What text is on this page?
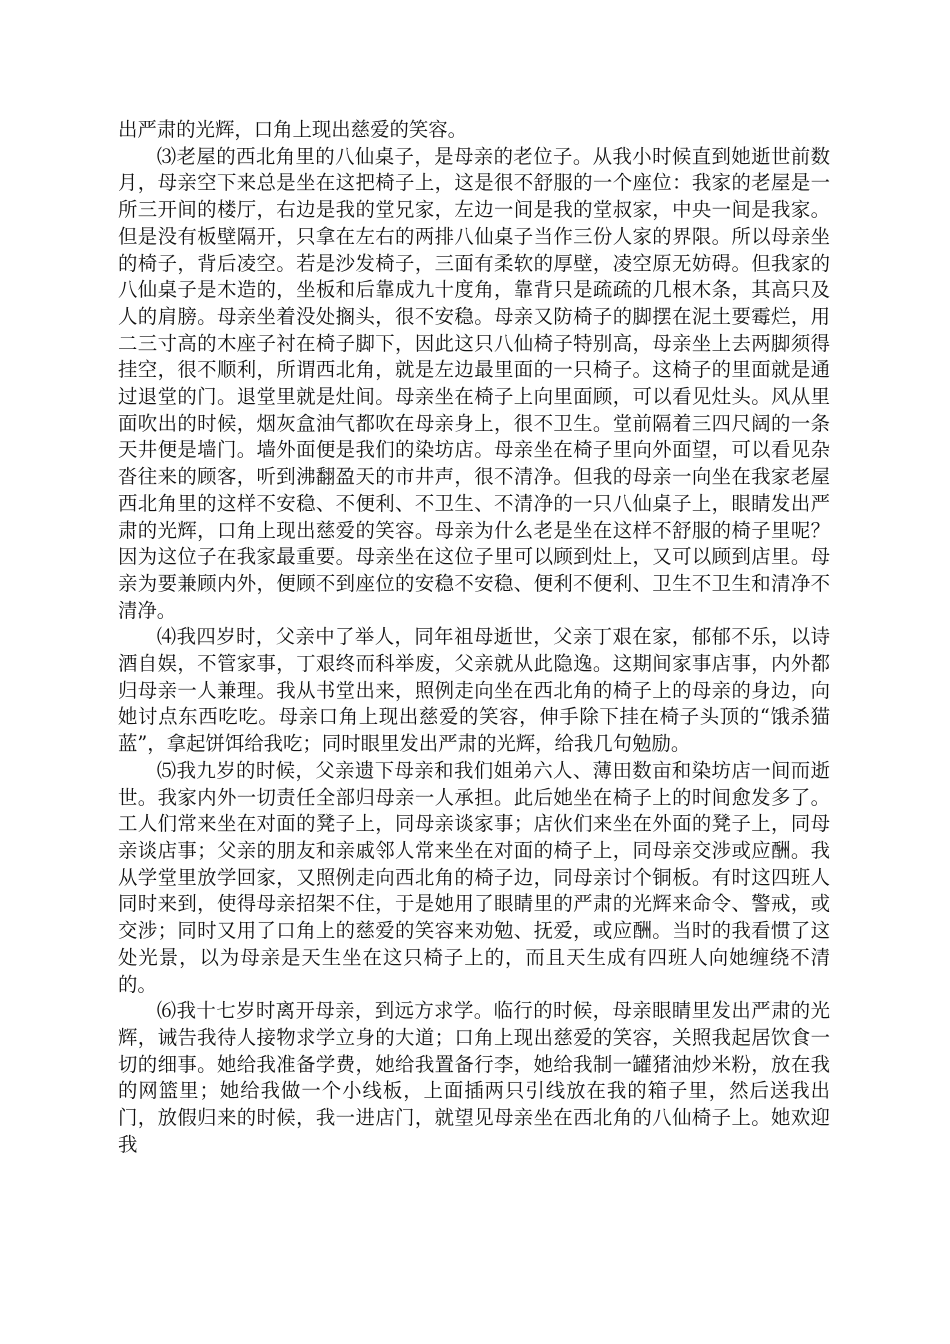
出严肃的光辉，口角上现出慈爱的笑容。

⑶老屋的西北角里的八仙桌子，是母亲的老位子。从我小时候直到她逝世前数月，母亲空下来总是坐在这把椅子上，这是很不舒服的一个座位：我家的老屋是一所三开间的楼厅，右边是我的堂兄家，左边一间是我的堂叔家，中央一间是我家。但是没有板壁隔开，只拿在左右的两排八仙桌子当作三份人家的界限。所以母亲坐的椅子，背后凌空。若是沙发椅子，三面有柔软的厚壁，凌空原无妨碍。但我家的八仙桌子是木造的，坐板和后靠成九十度角，靠背只是疏疏的几根木条，其高只及人的肩膀。母亲坐着没处搁头，很不安稳。母亲又防椅子的脚摆在泥土要霉烂，用二三寸高的木座子衬在椅子脚下，因此这只八仙椅子特别高，母亲坐上去两脚须得挂空，很不顺利，所谓西北角，就是左边最里面的一只椅子。这椅子的里面就是通过退堂的门。退堂里就是灶间。母亲坐在椅子上向里面顾，可以看见灶头。风从里面吹出的时候，烟灰盒油气都吹在母亲身上，很不卫生。堂前隔着三四尺阔的一条天井便是墙门。墙外面便是我们的染坊店。母亲坐在椅子里向外面望，可以看见杂沓往来的顾客，听到沸翻盈天的市井声，很不清净。但我的母亲一向坐在我家老屋西北角里的这样不安稳、不便利、不卫生、不清净的一只八仙桌子上，眼睛发出严肃的光辉，口角上现出慈爱的笑容。母亲为什么老是坐在这样不舒服的椅子里呢？因为这位子在我家最重要。母亲坐在这位子里可以顾到灶上，又可以顾到店里。母亲为要兼顾内外，便顾不到座位的安稳不安稳、便利不便利、卫生不卫生和清净不清净。

⑷我四岁时，父亲中了举人，同年祖母逝世，父亲丁艰在家，郁郁不乐，以诗酒自娱，不管家事，丁艰终而科举废，父亲就从此隐逸。这期间家事店事，内外都归母亲一人兼理。我从书堂出来，照例走向坐在西北角的椅子上的母亲的身边，向她讨点东西吃吃。母亲口角上现出慈爱的笑容，伸手除下挂在椅子头顶的“饿杀猫蓝”，拿起饼饵给我吃；同时眼里发出严肃的光辉，给我几句勉励。

⑸我九岁的时候，父亲遗下母亲和我们姐弟六人、薄田数亩和染坊店一间而逝世。我家内外一切责任全部归母亲一人承担。此后她坐在椅子上的时间愈发多了。工人们常来坐在对面的凳子上，同母亲谈家事；店伙们来坐在外面的凳子上，同母亲谈店事；父亲的朋友和亲戚邻人常来坐在对面的椅子上，同母亲交涉或应酬。我从学堂里放学回家，又照例走向西北角的椅子边，同母亲讨个铜板。有时这四班人同时来到，使得母亲招架不住，于是她用了眼睛里的严肃的光辉来命令、警戒，或交涉；同时又用了口角上的慈爱的笑容来劝勉、抚爱，或应酬。当时的我看惯了这处光景，以为母亲是天生坐在这只椅子上的，而且天生成有四班人向她缠绕不清的。

⑹我十七岁时离开母亲，到远方求学。临行的时候，母亲眼睛里发出严肃的光辉，诫告我待人接物求学立身的大道；口角上现出慈爱的笑容，关照我起居饮食一切的细事。她给我准备学费，她给我置备行李，她给我制一罐猪油炒米粉，放在我的网篮里；她给我做一个小线板，上面插两只引线放在我的箱子里，然后送我出门，放假归来的时候，我一进店门，就望见母亲坐在西北角的八仙椅子上。她欢迎我
